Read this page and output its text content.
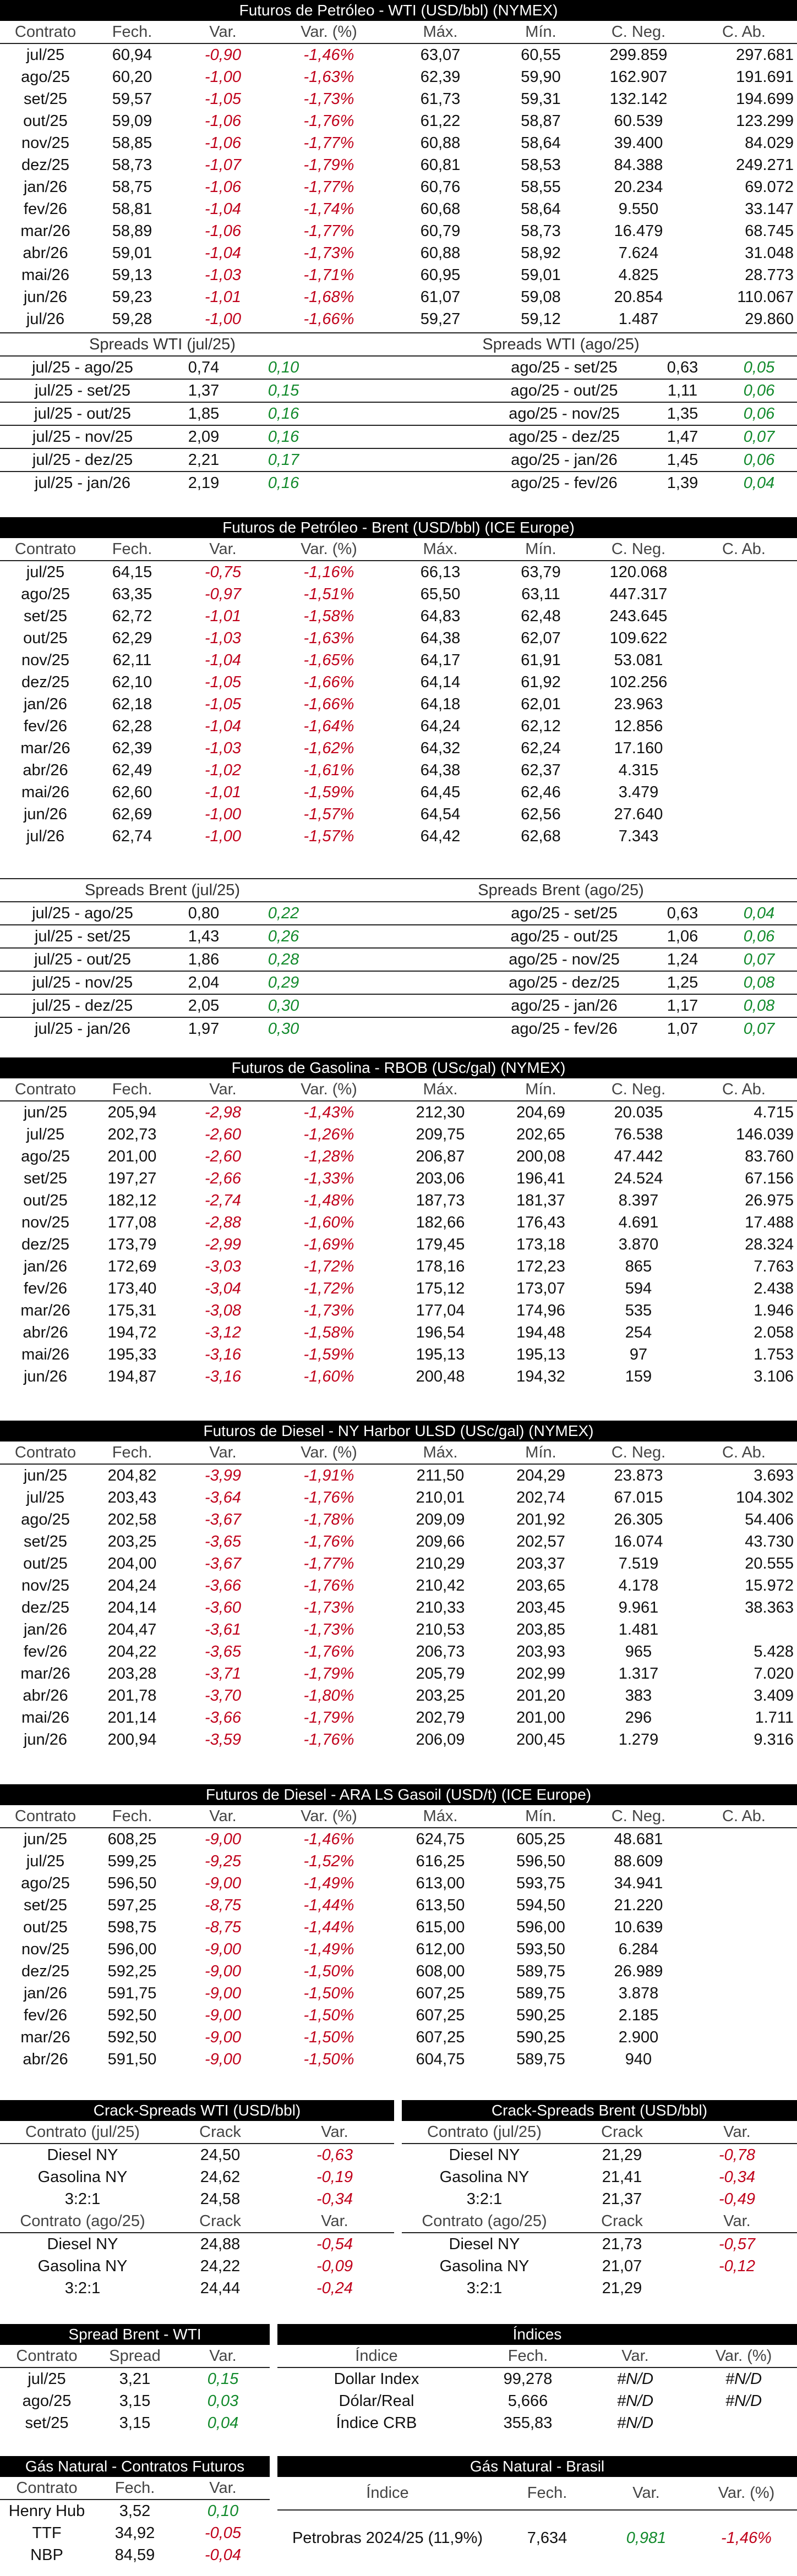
Futuros de Petróleo - WTI (USD/bbl) (NYMEX)
Contrato	Fech.	Var.	Var. (%)	Máx.	Mín.	C. Neg.	C. Ab.
jul/25	60,94	-0,90	-1,46%	63,07	60,55	299.859	297.681
ago/25	60,20	-1,00	-1,63%	62,39	59,90	162.907	191.691
set/25	59,57	-1,05	-1,73%	61,73	59,31	132.142	194.699
out/25	59,09	-1,06	-1,76%	61,22	58,87	60.539	123.299
nov/25	58,85	-1,06	-1,77%	60,88	58,64	39.400	84.029
dez/25	58,73	-1,07	-1,79%	60,81	58,53	84.388	249.271
jan/26	58,75	-1,06	-1,77%	60,76	58,55	20.234	69.072
fev/26	58,81	-1,04	-1,74%	60,68	58,64	9.550	33.147
mar/26	58,89	-1,06	-1,77%	60,79	58,73	16.479	68.745
abr/26	59,01	-1,04	-1,73%	60,88	58,92	7.624	31.048
mai/26	59,13	-1,03	-1,71%	60,95	59,01	4.825	28.773
jun/26	59,23	-1,01	-1,68%	61,07	59,08	20.854	110.067
jul/26	59,28	-1,00	-1,66%	59,27	59,12	1.487	29.860
Spreads WTI (jul/25)			Spreads WTI (ago/25)			
jul/25 - ago/25	0,74	0,10		ago/25 - set/25	0,63	0,05
jul/25 - set/25	1,37	0,15		ago/25 - out/25	1,11	0,06
jul/25 - out/25	1,85	0,16		ago/25 - nov/25	1,35	0,06
jul/25 - nov/25	2,09	0,16		ago/25 - dez/25	1,47	0,07
jul/25 - dez/25	2,21	0,17		ago/25 - jan/26	1,45	0,06
jul/25 - jan/26	2,19	0,16		ago/25 - fev/26	1,39	0,04
Futuros de Petróleo - Brent (USD/bbl) (ICE Europe)
Contrato	Fech.	Var.	Var. (%)	Máx.	Mín.	C. Neg.	C. Ab.
jul/25	64,15	-0,75	-1,16%	66,13	63,79	120.068	
ago/25	63,35	-0,97	-1,51%	65,50	63,11	447.317	
set/25	62,72	-1,01	-1,58%	64,83	62,48	243.645	
out/25	62,29	-1,03	-1,63%	64,38	62,07	109.622	
nov/25	62,11	-1,04	-1,65%	64,17	61,91	53.081	
dez/25	62,10	-1,05	-1,66%	64,14	61,92	102.256	
jan/26	62,18	-1,05	-1,66%	64,18	62,01	23.963	
fev/26	62,28	-1,04	-1,64%	64,24	62,12	12.856	
mar/26	62,39	-1,03	-1,62%	64,32	62,24	17.160	
abr/26	62,49	-1,02	-1,61%	64,38	62,37	4.315	
mai/26	62,60	-1,01	-1,59%	64,45	62,46	3.479	
jun/26	62,69	-1,00	-1,57%	64,54	62,56	27.640	
jul/26	62,74	-1,00	-1,57%	64,42	62,68	7.343	
Spreads Brent (jul/25)			Spreads Brent (ago/25)			
jul/25 - ago/25	0,80	0,22		ago/25 - set/25	0,63	0,04
jul/25 - set/25	1,43	0,26		ago/25 - out/25	1,06	0,06
jul/25 - out/25	1,86	0,28		ago/25 - nov/25	1,24	0,07
jul/25 - nov/25	2,04	0,29		ago/25 - dez/25	1,25	0,08
jul/25 - dez/25	2,05	0,30		ago/25 - jan/26	1,17	0,08
jul/25 - jan/26	1,97	0,30		ago/25 - fev/26	1,07	0,07
Futuros de Gasolina - RBOB (USc/gal) (NYMEX)
Contrato	Fech.	Var.	Var. (%)	Máx.	Mín.	C. Neg.	C. Ab.
jun/25	205,94	-2,98	-1,43%	212,30	204,69	20.035	4.715
jul/25	202,73	-2,60	-1,26%	209,75	202,65	76.538	146.039
ago/25	201,00	-2,60	-1,28%	206,87	200,08	47.442	83.760
set/25	197,27	-2,66	-1,33%	203,06	196,41	24.524	67.156
out/25	182,12	-2,74	-1,48%	187,73	181,37	8.397	26.975
nov/25	177,08	-2,88	-1,60%	182,66	176,43	4.691	17.488
dez/25	173,79	-2,99	-1,69%	179,45	173,18	3.870	28.324
jan/26	172,69	-3,03	-1,72%	178,16	172,23	865	7.763
fev/26	173,40	-3,04	-1,72%	175,12	173,07	594	2.438
mar/26	175,31	-3,08	-1,73%	177,04	174,96	535	1.946
abr/26	194,72	-3,12	-1,58%	196,54	194,48	254	2.058
mai/26	195,33	-3,16	-1,59%	195,13	195,13	97	1.753
jun/26	194,87	-3,16	-1,60%	200,48	194,32	159	3.106
Futuros de Diesel - NY Harbor ULSD (USc/gal) (NYMEX)
Contrato	Fech.	Var.	Var. (%)	Máx.	Mín.	C. Neg.	C. Ab.
jun/25	204,82	-3,99	-1,91%	211,50	204,29	23.873	3.693
jul/25	203,43	-3,64	-1,76%	210,01	202,74	67.015	104.302
ago/25	202,58	-3,67	-1,78%	209,09	201,92	26.305	54.406
set/25	203,25	-3,65	-1,76%	209,66	202,57	16.074	43.730
out/25	204,00	-3,67	-1,77%	210,29	203,37	7.519	20.555
nov/25	204,24	-3,66	-1,76%	210,42	203,65	4.178	15.972
dez/25	204,14	-3,60	-1,73%	210,33	203,45	9.961	38.363
jan/26	204,47	-3,61	-1,73%	210,53	203,85	1.481	
fev/26	204,22	-3,65	-1,76%	206,73	203,93	965	5.428
mar/26	203,28	-3,71	-1,79%	205,79	202,99	1.317	7.020
abr/26	201,78	-3,70	-1,80%	203,25	201,20	383	3.409
mai/26	201,14	-3,66	-1,79%	202,79	201,00	296	1.711
jun/26	200,94	-3,59	-1,76%	206,09	200,45	1.279	9.316
Futuros de Diesel - ARA LS Gasoil (USD/t) (ICE Europe)
Contrato	Fech.	Var.	Var. (%)	Máx.	Mín.	C. Neg.	C. Ab.
jun/25	608,25	-9,00	-1,46%	624,75	605,25	48.681	
jul/25	599,25	-9,25	-1,52%	616,25	596,50	88.609	
ago/25	596,50	-9,00	-1,49%	613,00	593,75	34.941	
set/25	597,25	-8,75	-1,44%	613,50	594,50	21.220	
out/25	598,75	-8,75	-1,44%	615,00	596,00	10.639	
nov/25	596,00	-9,00	-1,49%	612,00	593,50	6.284	
dez/25	592,25	-9,00	-1,50%	608,00	589,75	26.989	
jan/26	591,75	-9,00	-1,50%	607,25	589,75	3.878	
fev/26	592,50	-9,00	-1,50%	607,25	590,25	2.185	
mar/26	592,50	-9,00	-1,50%	607,25	590,25	2.900	
abr/26	591,50	-9,00	-1,50%	604,75	589,75	940	
Crack-Spreads WTI (USD/bbl)	Crack-Spreads Brent (USD/bbl)
Contrato (jul/25)	Crack	Var.		Contrato (jul/25)	Crack	Var.
Diesel NY	24,50	-0,63		Diesel NY	21,29	-0,78
Gasolina NY	24,62	-0,19		Gasolina NY	21,41	-0,34
3:2:1	24,58	-0,34		3:2:1	21,37	-0,49
Contrato (ago/25)	Crack	Var.		Contrato (ago/25)	Crack	Var.
Diesel NY	24,88	-0,54		Diesel NY	21,73	-0,57
Gasolina NY	24,22	-0,09		Gasolina NY	21,07	-0,12
3:2:1	24,44	-0,24		3:2:1	21,29	
Spread Brent - WTI	Índices
Contrato	Spread	Var.
jul/25	3,21	0,15
ago/25	3,15	0,03
set/25	3,15	0,04
Índice	Fech.	Var.	Var. (%)
Dollar Index	99,278	#N/D	#N/D
Dólar/Real	5,666	#N/D	#N/D
Índice CRB	355,83	#N/D	
Gás Natural - Contratos Futuros	Gás Natural - Brasil
Contrato	Fech.	Var.
Henry Hub	3,52	0,10
TTF	34,92	-0,05
NBP	84,59	-0,04
Índice	Fech.	Var.	Var. (%)
Petrobras 2024/25 (11,9%)	7,634	0,981	-1,46%
